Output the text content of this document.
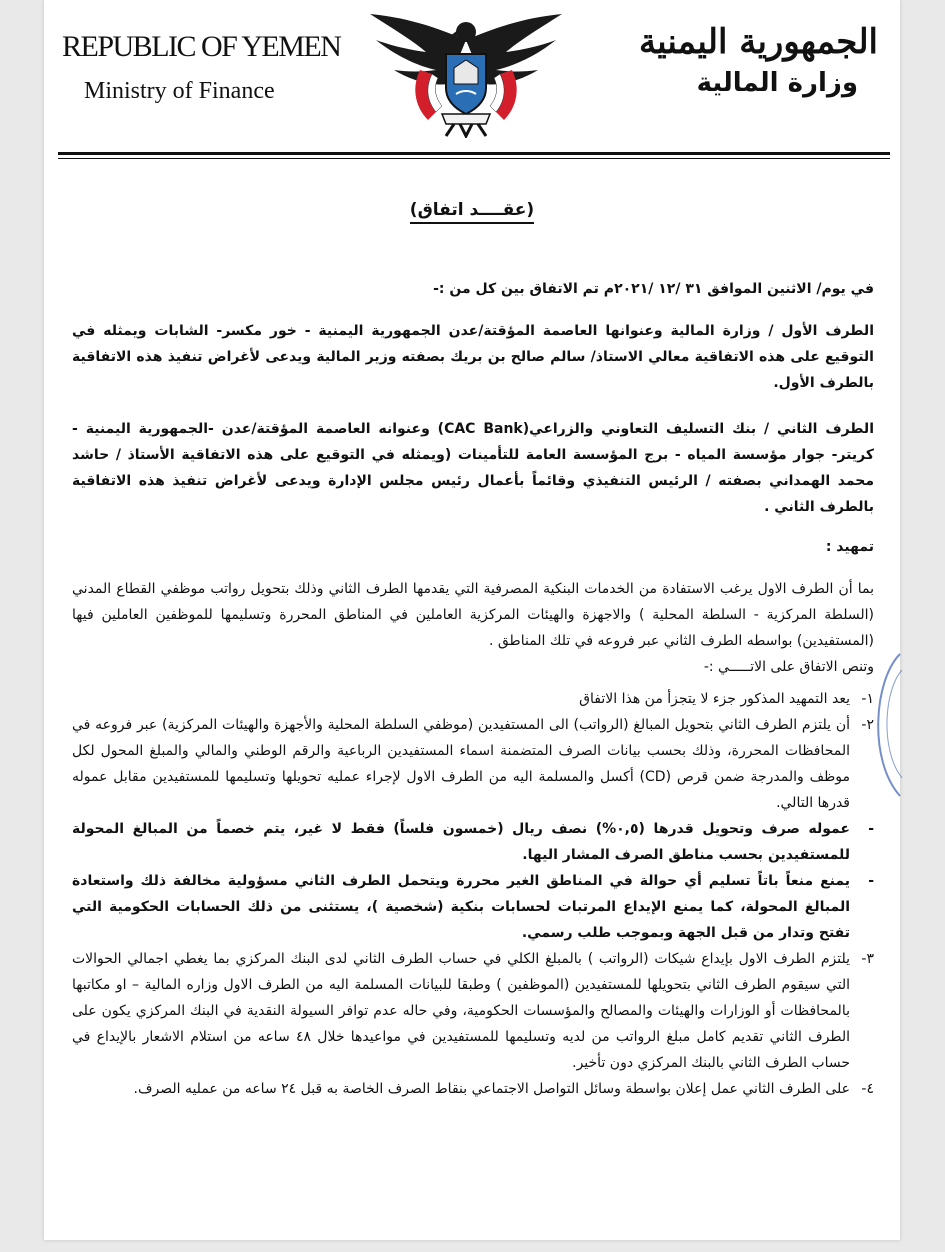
REPUBLIC OF YEMEN
Ministry of Finance
الجمهورية اليمنية
وزارة المالية
(عقــــد اتفاق)

في يوم/ الاثنين الموافق ٣١ /١٢ /٢٠٢١م تم الاتفاق بين كل من :-

الطرف الأول / وزارة المالية وعنوانها العاصمة المؤقتة/عدن الجمهورية اليمنية - خور مكسر- الشابات ويمثله في التوقيع على هذه الاتفاقية معالي الاستاذ/ سالم صالح بن بريك بصفته وزير المالية ويدعى لأغراض تنفيذ هذه الاتفاقية بالطرف الأول.

الطرف الثاني / بنك التسليف التعاوني والزراعي(CAC Bank) وعنوانه العاصمة المؤقتة/عدن -الجمهورية اليمنية - كريتر- جوار مؤسسة المياه - برج المؤسسة العامة للتأمينات (ويمثله في التوقيع على هذه الاتفاقية الأستاذ / حاشد محمد الهمداني بصفته / الرئيس التنفيذي وقائماً بأعمال رئيس مجلس الإدارة ويدعى لأغراض تنفيذ هذه الاتفاقية بالطرف الثاني .

تمهيد :

بما أن الطرف الاول يرغب الاستفادة من الخدمات البنكية المصرفية التي يقدمها الطرف الثاني وذلك بتحويل رواتب موظفي القطاع المدني (السلطة المركزية - السلطة المحلية ) والاجهزة والهيئات المركزية العاملين في المناطق المحررة وتسليمها للموظفين العاملين فيها (المستفيدين) بواسطه الطرف الثاني عبر فروعه في تلك المناطق .

وتنص الاتفاق على الاتـــــي :-

١-
يعد التمهيد المذكور جزء لا يتجزأ من هذا الاتفاق
٢-
أن يلتزم الطرف الثاني بتحويل المبالغ (الرواتب) الى المستفيدين (موظفي السلطة المحلية والأجهزة والهيئات المركزية) عبر فروعه في المحافظات المحررة، وذلك بحسب بيانات الصرف المتضمنة اسماء المستفيدين الرباعية والرقم الوطني والمالي والمبلغ المحول لكل موظف والمدرجة ضمن قرص (CD) أكسل والمسلمة اليه من الطرف الاول لإجراء عمليه تحويلها وتسليمها للمستفيدين مقابل عموله قدرها التالي.
-
عموله صرف وتحويل قدرها (٠,٥%) نصف ريال (خمسون فلساً) فقط لا غير، يتم خصماً من المبالغ المحولة للمستفيدين بحسب مناطق الصرف المشار اليها.
-
يمنع منعاً باتاً تسليم أي حوالة في المناطق الغير محررة ويتحمل الطرف الثاني مسؤولية مخالفة ذلك واستعادة المبالغ المحولة، كما يمنع الإيداع المرتبات لحسابات بنكية (شخصية )، يستثنى من ذلك الحسابات الحكومية التي تفتح وتدار من قبل الجهة وبموجب طلب رسمي.
٣-
يلتزم الطرف الاول بإيداع شيكات (الرواتب ) بالمبلغ الكلي في حساب الطرف الثاني لدى البنك المركزي بما يغطي اجمالي الحوالات التي سيقوم الطرف الثاني بتحويلها للمستفيدين (الموظفين ) وطبقا للبيانات المسلمة اليه من الطرف الاول وزاره المالية – او مكاتبها بالمحافظات أو الوزارات والهيئات والمصالح والمؤسسات الحكومية، وفي حاله عدم توافر السيولة النقدية في البنك المركزي يكون على الطرف الثاني تقديم كامل مبلغ الرواتب من لديه وتسليمها للمستفيدين في مواعيدها خلال ٤٨ ساعه من استلام الاشعار بالإيداع في حساب الطرف الثاني بالبنك المركزي دون تأخير.
٤-
على الطرف الثاني عمل إعلان بواسطة وسائل التواصل الاجتماعي بنقاط الصرف الخاصة به قبل ٢٤ ساعه من عمليه الصرف.
